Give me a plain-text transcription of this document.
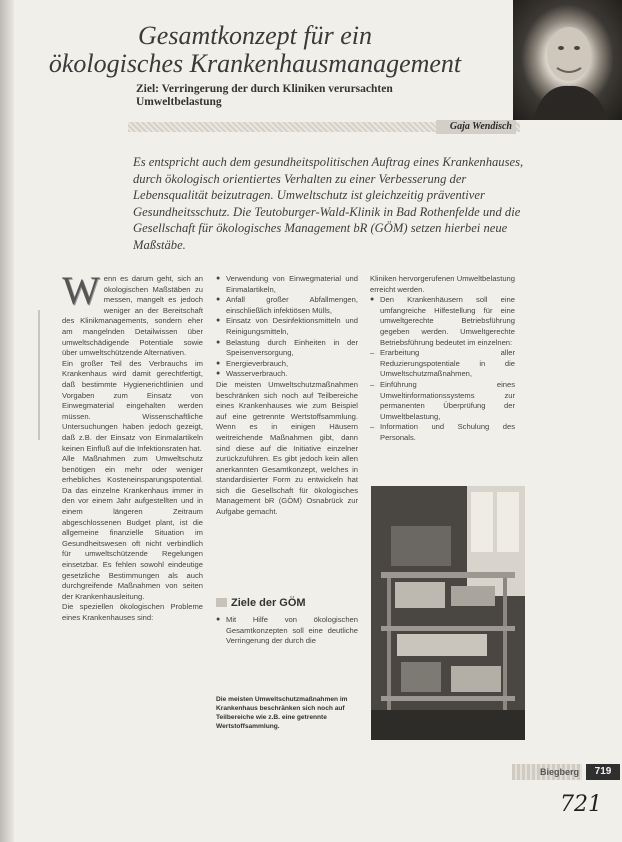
Gesamtkonzept für ein
ökologisches Krankenhausmanagement

Ziel: Verringerung der durch Kliniken verursachten Umweltbelastung

Gaja Wendisch

Es entspricht auch dem gesundheitspolitischen Auftrag eines Krankenhauses, durch ökologisch orientiertes Verhalten zu einer Verbesserung der Lebensqualität beizutragen. Umweltschutz ist gleichzeitig präventiver Gesundheitsschutz. Die Teutoburger-Wald-Klinik in Bad Rothenfelde und die Gesellschaft für ökologisches Management bR (GÖM) setzen hierbei neue Maßstäbe.

Wenn es darum geht, sich an ökologischen Maßstäben zu messen, mangelt es jedoch weniger an der Bereitschaft des Klinikmanagements, sondern eher am mangelnden Detailwissen über umweltschädigende Potentiale sowie über umweltschützende Alternativen.

Ein großer Teil des Verbrauchs im Krankenhaus wird damit gerechtfertigt, daß bestimmte Hygienerichtlinien und Vorgaben zum Einsatz von Einwegmaterial eingehalten werden müssen. Wissenschaftliche Untersuchungen haben jedoch gezeigt, daß z.B. der Einsatz von Einmalartikeln keinen Einfluß auf die Infektionsraten hat.

Alle Maßnahmen zum Umweltschutz benötigen ein mehr oder weniger erhebliches Kosteneinsparungspotential. Da das einzelne Krankenhaus immer in den vor einem Jahr aufgestellten und in einem längeren Zeitraum abgeschlossenen Budget plant, ist die allgemeine finanzielle Situation im Gesundheitswesen oft nicht verbindlich für umweltschützende Regelungen einsetzbar. Es fehlen sowohl eindeutige gesetzliche Bestimmungen als auch durchgreifende Maßnahmen von seiten der Krankenhausleitung.

Die speziellen ökologischen Probleme eines Krankenhauses sind:

● Verwendung von Einwegmaterial und Einmalartikeln,
● Anfall großer Abfallmengen, einschließlich infektiösen Mülls,
● Einsatz von Desinfektionsmitteln und Reinigungsmitteln,
● Belastung durch Einheiten in der Speisenversorgung,
● Energieverbrauch,
● Wasserverbrauch.

Die meisten Umweltschutzmaßnahmen beschränken sich noch auf Teilbereiche eines Krankenhauses wie zum Beispiel auf eine getrennte Wertstoffsammlung. Wenn es in einigen Häusern weitreichende Maßnahmen gibt, dann sind diese auf die Initiative einzelner zurückzuführen. Es gibt jedoch kein allen anerkannten Gesamtkonzept, welches in standardisierter Form zu entwickeln hat sich die Gesellschaft für ökologisches Management bR (GÖM) Osnabrück zur Aufgabe gemacht.

Ziele der GÖM
● Mit Hilfe von ökologischen Gesamtkonzepten soll eine deutliche Verringerung der durch die

Kliniken hervorgerufenen Umweltbelastung erreicht werden.

● Den Krankenhäusern soll eine umfangreiche Hilfestellung für eine umweltgerechte Betriebsführung gegeben werden. Umweltgerechte Betriebsführung bedeutet im einzelnen:
– Erarbeitung aller Reduzierungspotentiale in die Umweltschutzmaßnahmen,
– Einführung eines Umweltinformationssystems zur permanenten Überprüfung der Umweltbelastung,
– Information und Schulung des Personals.
Die meisten Umweltschutzmaßnahmen im Krankenhaus beschränken sich noch auf Teilbereiche wie z.B. eine getrennte Wertstoffsammlung.
Biegberg	719
721
